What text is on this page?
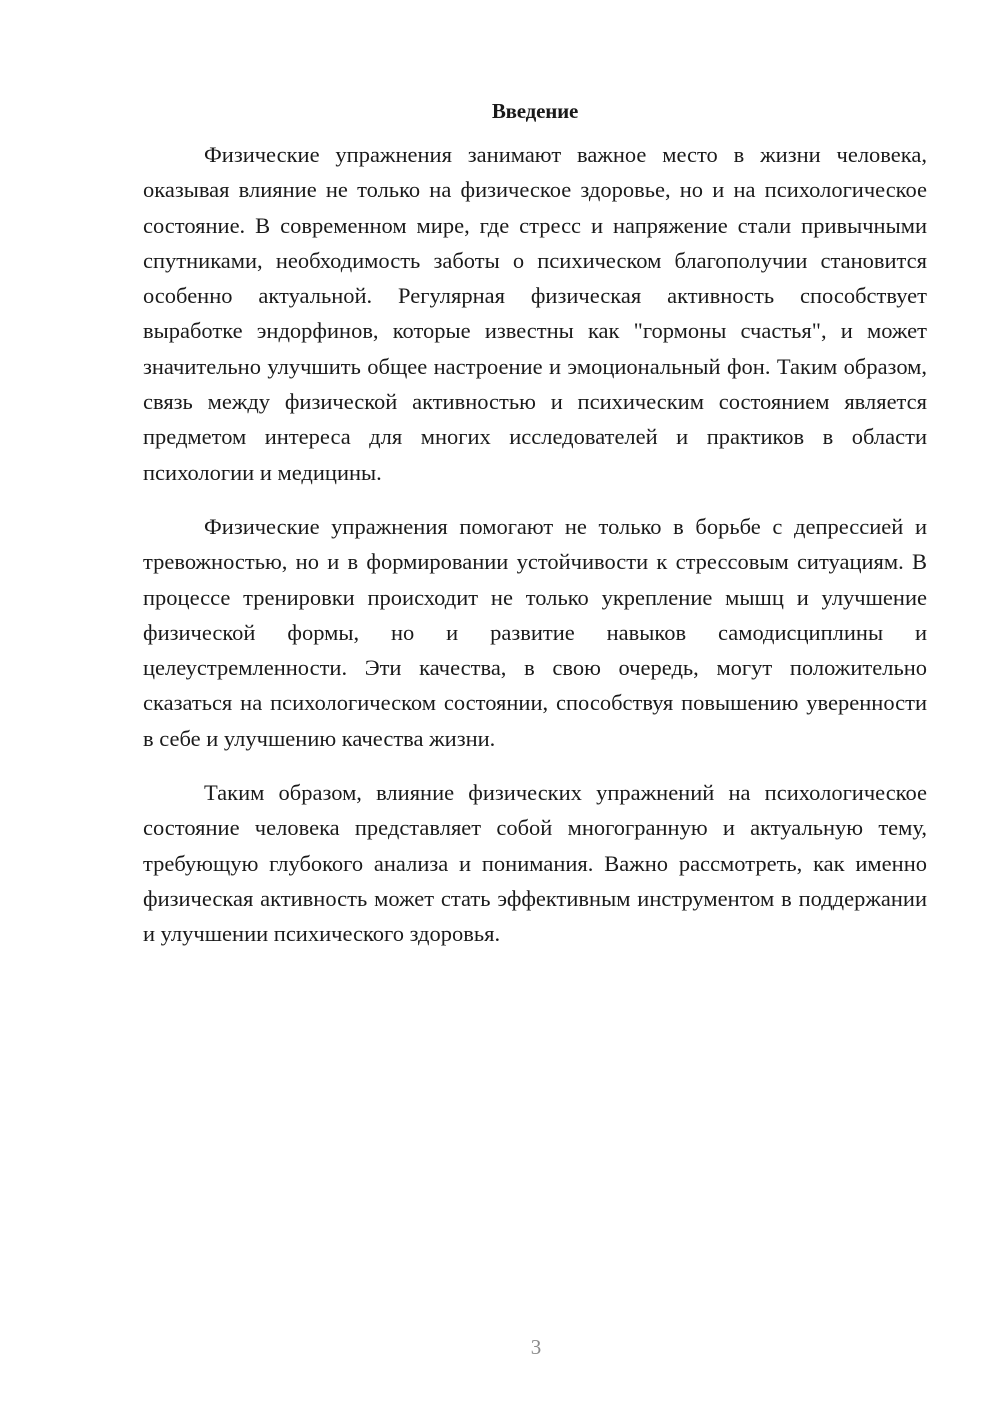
Введение

Физические упражнения занимают важное место в жизни человека, оказывая влияние не только на физическое здоровье, но и на психологическое состояние. В современном мире, где стресс и напряжение стали привычными спутниками, необходимость заботы о психическом благополучии становится особенно актуальной. Регулярная физическая активность способствует выработке эндорфинов, которые известны как "гормоны счастья", и может значительно улучшить общее настроение и эмоциональный фон. Таким образом, связь между физической активностью и психическим состоянием является предметом интереса для многих исследователей и практиков в области психологии и медицины.

Физические упражнения помогают не только в борьбе с депрессией и тревожностью, но и в формировании устойчивости к стрессовым ситуациям. В процессе тренировки происходит не только укрепление мышц и улучшение физической формы, но и развитие навыков самодисциплины и целеустремленности. Эти качества, в свою очередь, могут положительно сказаться на психологическом состоянии, способствуя повышению уверенности в себе и улучшению качества жизни.

Таким образом, влияние физических упражнений на психологическое состояние человека представляет собой многогранную и актуальную тему, требующую глубокого анализа и понимания. Важно рассмотреть, как именно физическая активность может стать эффективным инструментом в поддержании и улучшении психического здоровья.

3
